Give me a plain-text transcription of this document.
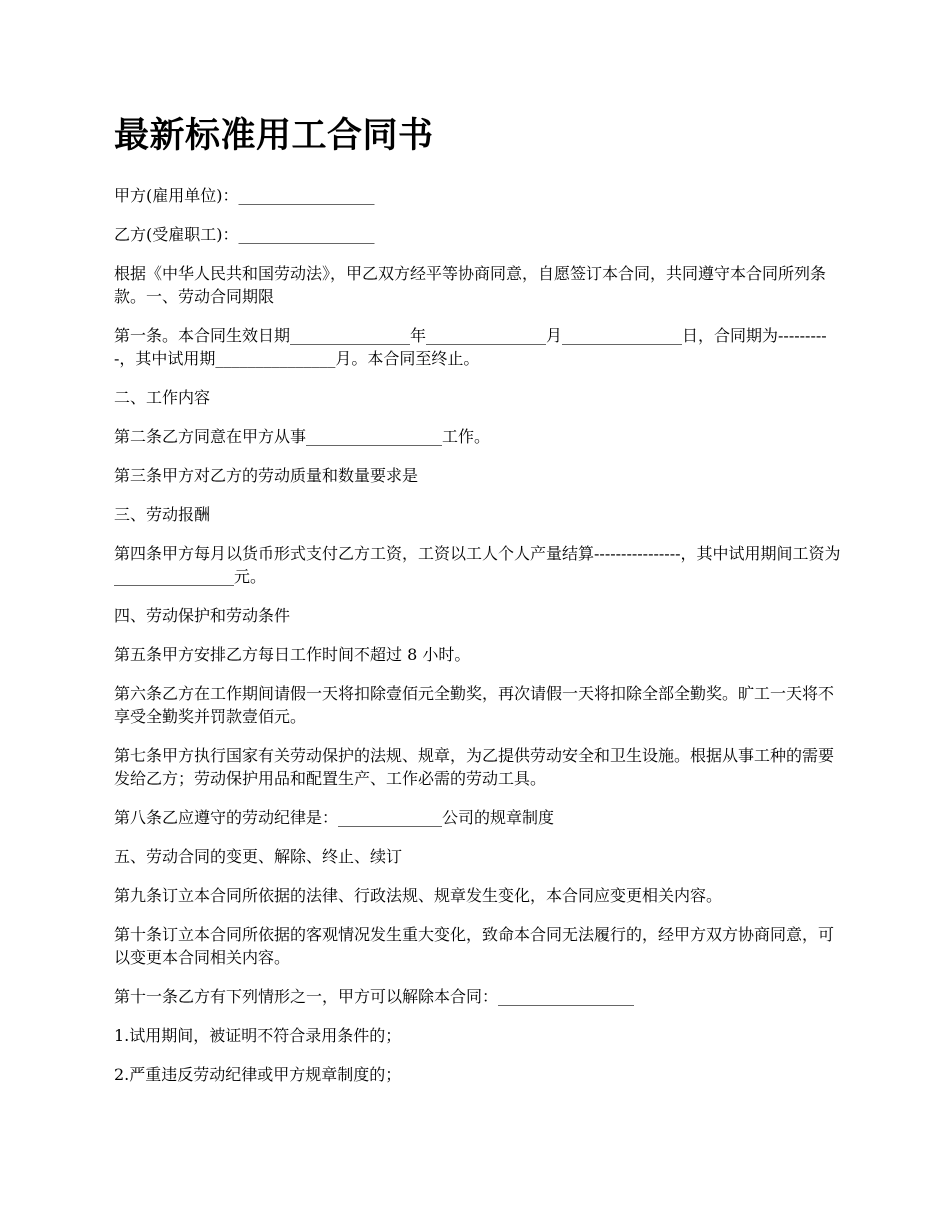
最新标准用工合同书

甲方(雇用单位)：_________________

乙方(受雇职工)：_________________

根据《中华人民共和国劳动法》，甲乙双方经平等协商同意，自愿签订本合同，共同遵守本合同所列条款。一、劳动合同期限

第一条。本合同生效日期_______________年_______________月_______________日，合同期为----------，其中试用期_______________月。本合同至终止。

二、工作内容

第二条乙方同意在甲方从事_________________工作。

第三条甲方对乙方的劳动质量和数量要求是

三、劳动报酬

第四条甲方每月以货币形式支付乙方工资，工资以工人个人产量结算----------------，其中试用期间工资为_______________元。

四、劳动保护和劳动条件

第五条甲方安排乙方每日工作时间不超过 8 小时。

第六条乙方在工作期间请假一天将扣除壹佰元全勤奖，再次请假一天将扣除全部全勤奖。旷工一天将不享受全勤奖并罚款壹佰元。

第七条甲方执行国家有关劳动保护的法规、规章，为乙提供劳动安全和卫生设施。根据从事工种的需要发给乙方；劳动保护用品和配置生产、工作必需的劳动工具。

第八条乙应遵守的劳动纪律是：_____________公司的规章制度

五、劳动合同的变更、解除、终止、续订

第九条订立本合同所依据的法律、行政法规、规章发生变化，本合同应变更相关内容。

第十条订立本合同所依据的客观情况发生重大变化，致命本合同无法履行的，经甲方双方协商同意，可以变更本合同相关内容。

第十一条乙方有下列情形之一，甲方可以解除本合同：_________________

1.试用期间，被证明不符合录用条件的；

2.严重违反劳动纪律或甲方规章制度的；
